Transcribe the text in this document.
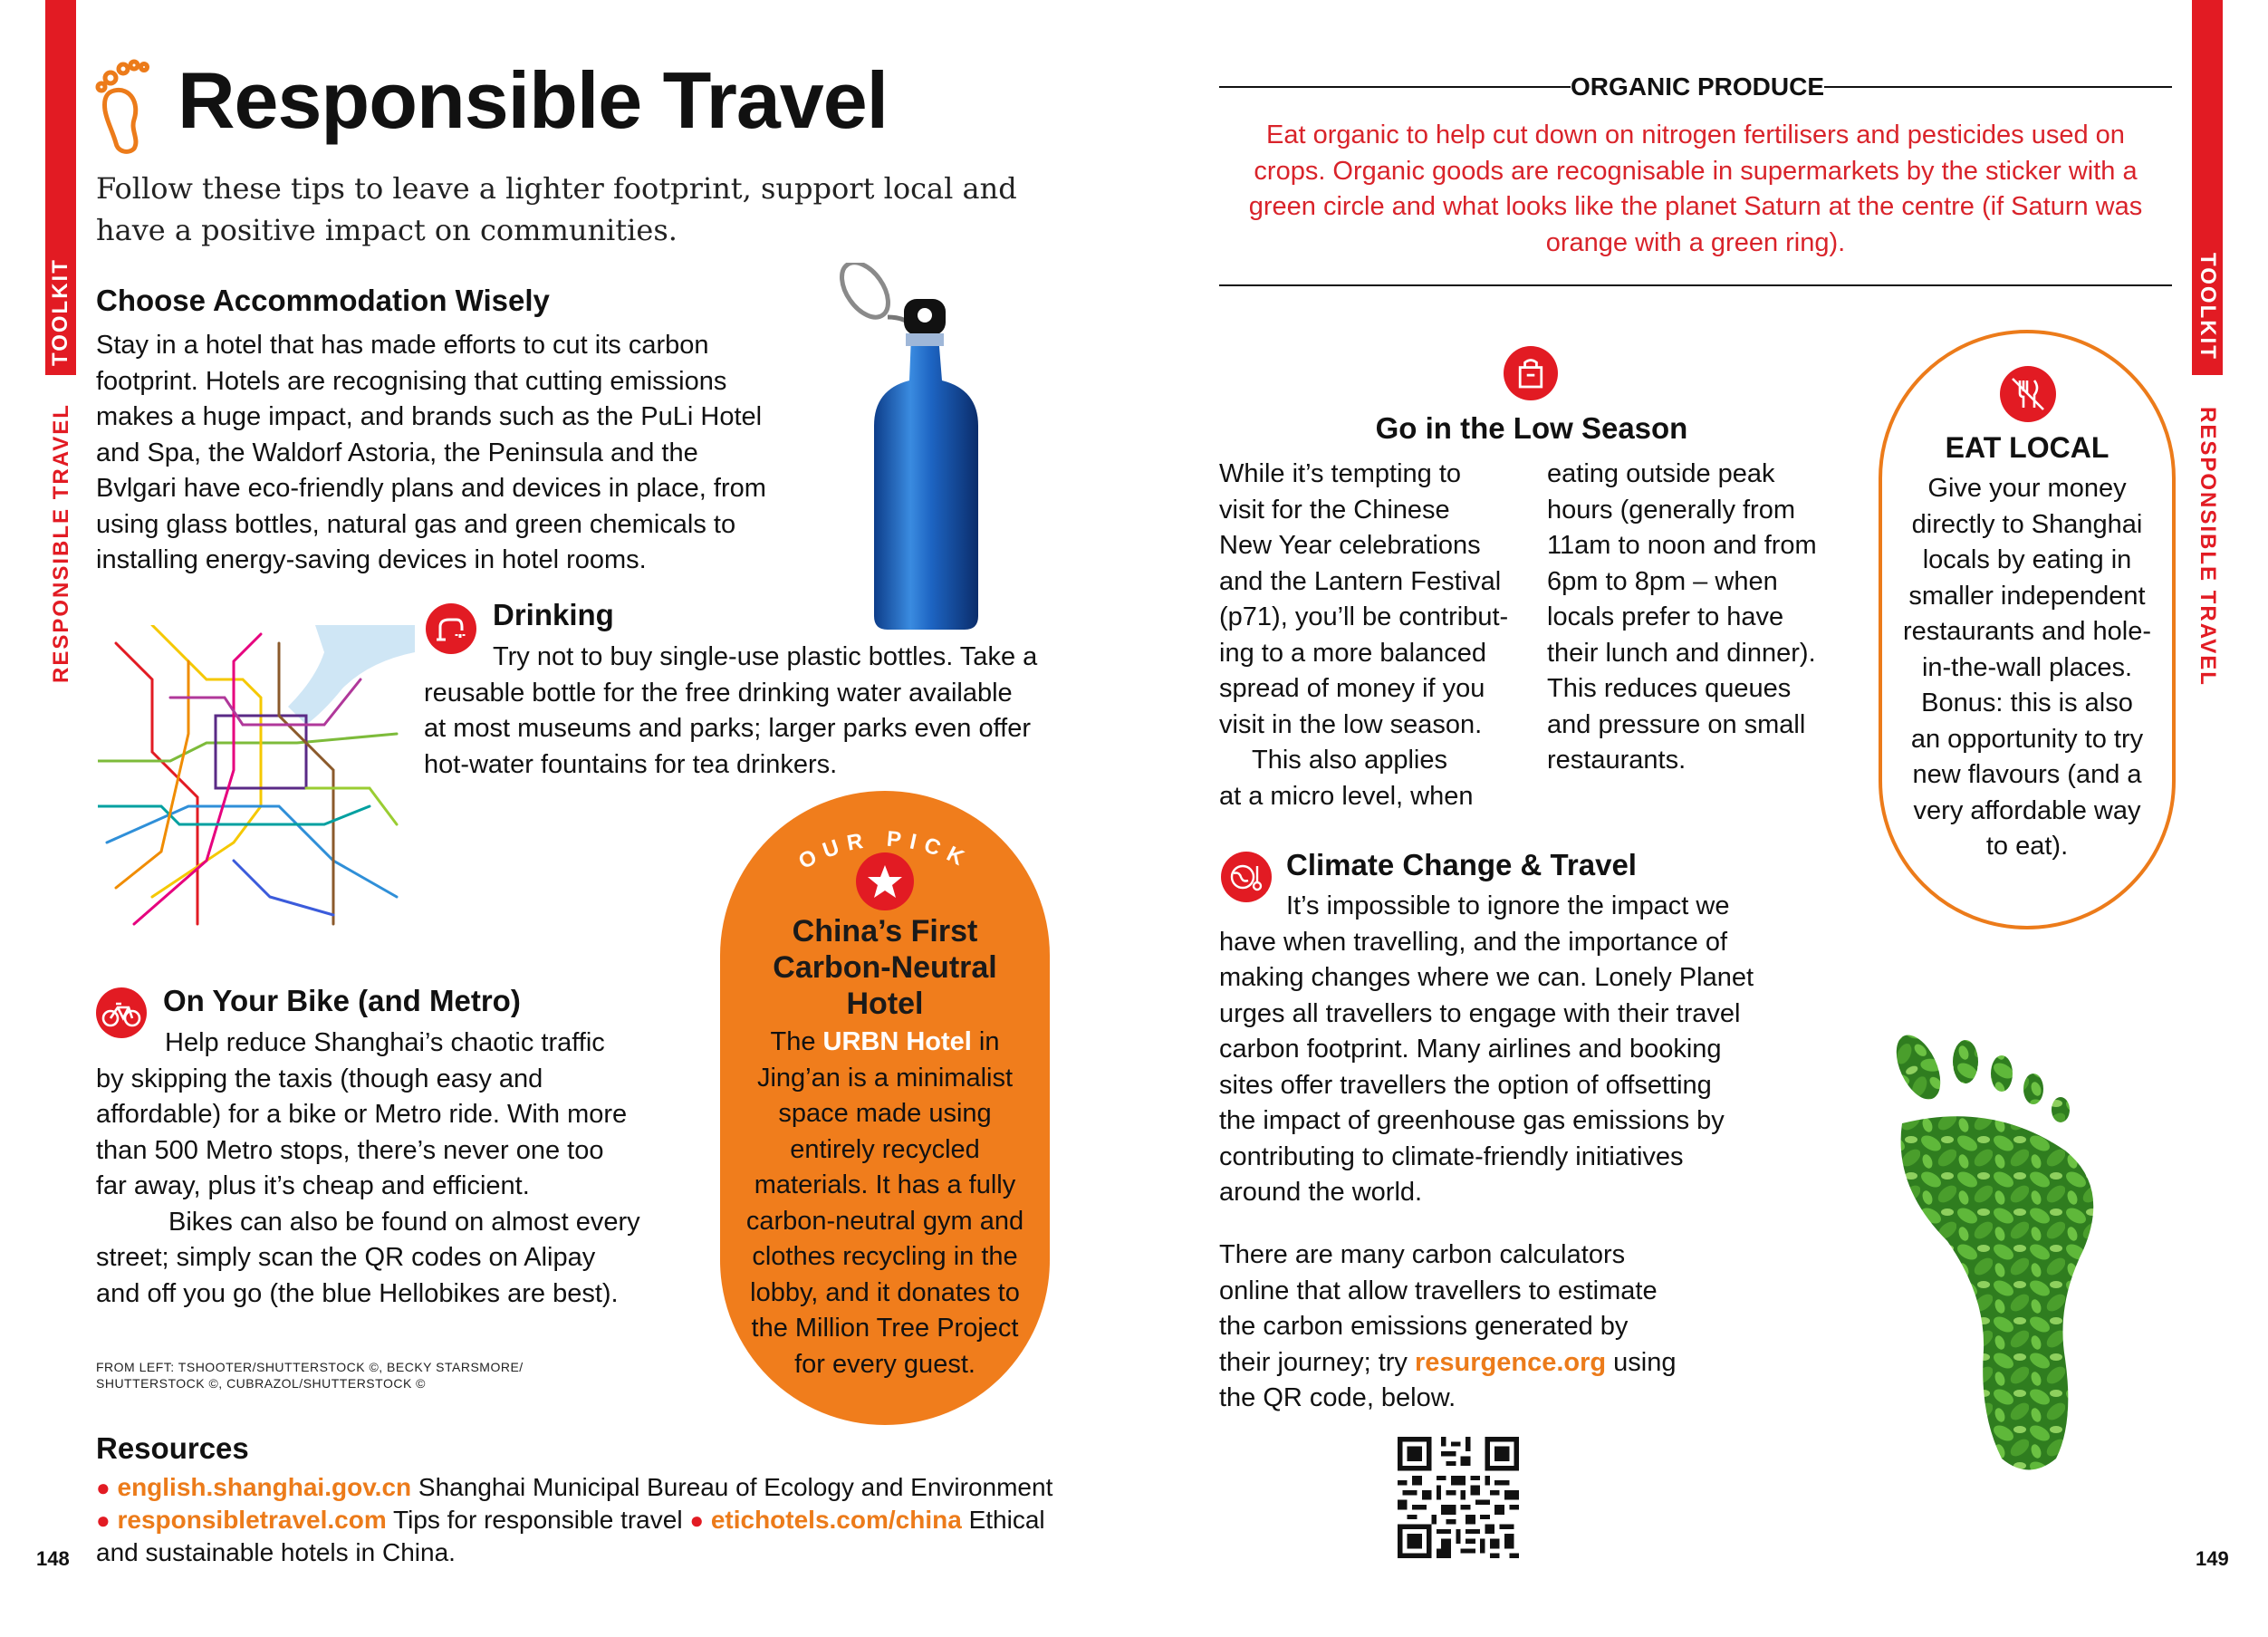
TOOLKIT
RESPONSIBLE TRAVEL
TOOLKIT
RESPONSIBLE TRAVEL
Responsible Travel
Follow these tips to leave a lighter footprint, support local and
have a positive impact on communities.
Choose Accommodation Wisely
Stay in a hotel that has made efforts to cut its carbon
footprint. Hotels are recognising that cutting emissions
makes a huge impact, and brands such as the PuLi Hotel
and Spa, the Waldorf Astoria, the Peninsula and the
Bvlgari have eco-friendly plans and devices in place, from
using glass bottles, natural gas and green chemicals to
installing energy-saving devices in hotel rooms.
Drinking
Try not to buy single-use plastic bottles. Take a
reusable bottle for the free drinking water available
at most museums and parks; larger parks even offer
hot-water fountains for tea drinkers.
On Your Bike (and Metro)
Help reduce Shanghai’s chaotic traffic
by skipping the taxis (though easy and
affordable) for a bike or Metro ride. With more
than 500 Metro stops, there’s never one too
far away, plus it’s cheap and efficient.
Bikes can also be found on almost every
street; simply scan the QR codes on Alipay
and off you go (the blue Hellobikes are best).
FROM LEFT: TSHOOTER/SHUTTERSTOCK ©, BECKY STARSMORE/
SHUTTERSTOCK ©, CUBRAZOL/SHUTTERSTOCK ©
OUR PICK
China’s First
Carbon-Neutral
Hotel
The URBN Hotel in
Jing’an is a minimalist
space made using
entirely recycled
materials. It has a fully
carbon-neutral gym and
clothes recycling in the
lobby, and it donates to
the Million Tree Project
for every guest.
Resources
● english.shanghai.gov.cn Shanghai Municipal Bureau of Ecology and Environment
● responsibletravel.com Tips for responsible travel ● etichotels.com/china Ethical
and sustainable hotels in China.
148	149
ORGANIC PRODUCE
Eat organic to help cut down on nitrogen fertilisers and pesticides used on
crops. Organic goods are recognisable in supermarkets by the sticker with a
green circle and what looks like the planet Saturn at the centre (if Saturn was
orange with a green ring).
Go in the Low Season
While it’s tempting to
visit for the Chinese
New Year celebrations
and the Lantern Festival
(p71), you’ll be contribut-
ing to a more balanced
spread of money if you
visit in the low season.
This also applies
at a micro level, when
eating outside peak
hours (generally from
11am to noon and from
6pm to 8pm – when
locals prefer to have
their lunch and dinner).
This reduces queues
and pressure on small
restaurants.
EAT LOCAL
Give your money
directly to Shanghai
locals by eating in
smaller independent
restaurants and hole-
in-the-wall places.
Bonus: this is also
an opportunity to try
new flavours (and a
very affordable way
to eat).
Climate Change & Travel
It’s impossible to ignore the impact we
have when travelling, and the importance of
making changes where we can. Lonely Planet
urges all travellers to engage with their travel
carbon footprint. Many airlines and booking
sites offer travellers the option of offsetting
the impact of greenhouse gas emissions by
contributing to climate-friendly initiatives
around the world.
There are many carbon calculators
online that allow travellers to estimate
the carbon emissions generated by
their journey; try resurgence.org using
the QR code, below.
